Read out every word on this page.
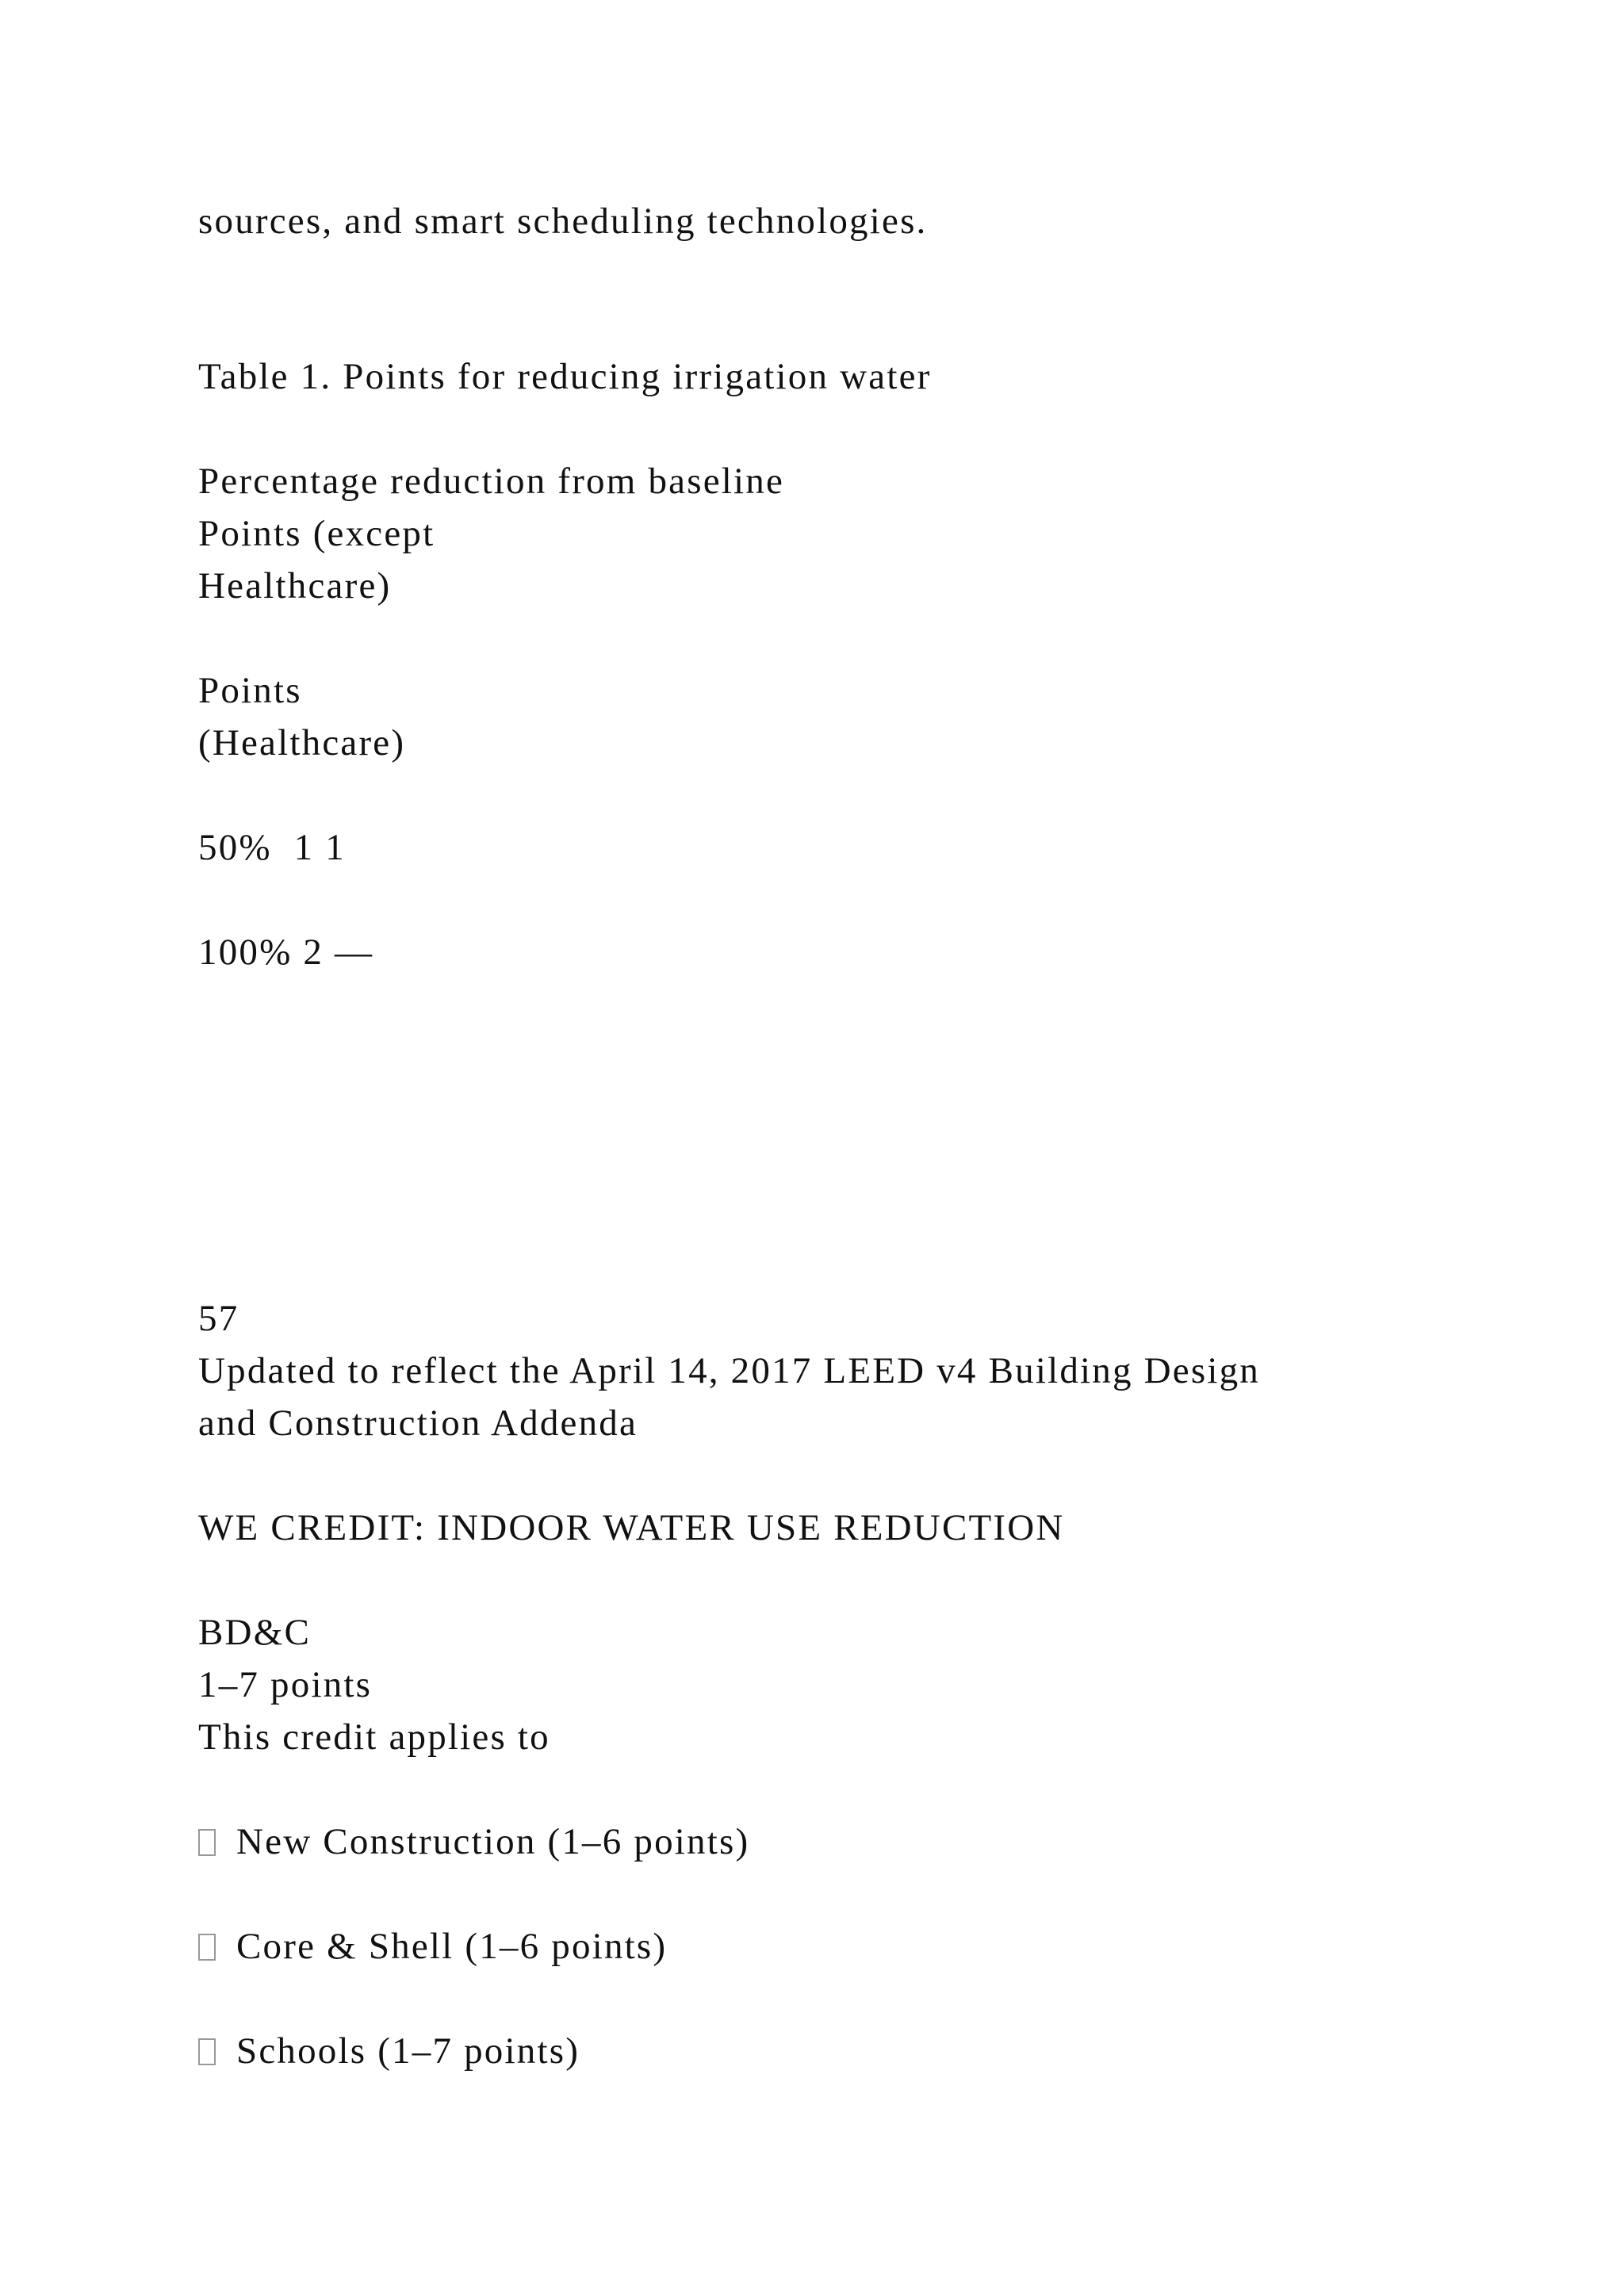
sources, and smart scheduling technologies.
Table 1. Points for reducing irrigation water
Percentage reduction from baseline
Points (except
Healthcare)
Points
(Healthcare)
50%  1 1
100% 2 —
57
Updated to reflect the April 14, 2017 LEED v4 Building Design
and Construction Addenda
WE CREDIT: INDOOR WATER USE REDUCTION
BD&C
1–7 points
This credit applies to
New Construction (1–6 points)
Core & Shell (1–6 points)
Schools (1–7 points)
